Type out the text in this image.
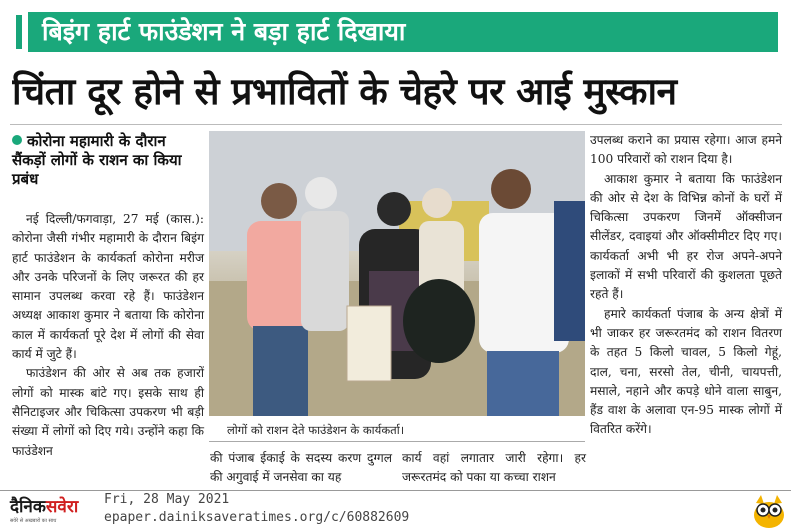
बिइंग हार्ट फाउंडेशन ने बड़ा हार्ट दिखाया
चिंता दूर होने से प्रभावितों के चेहरे पर आई मुस्कान
कोरोना महामारी के दौरान सैंकड़ों लोगों के राशन का किया प्रबंध

नई दिल्ली/फगवाड़ा, 27 मई (कास.): कोरोना जैसी गंभीर महामारी के दौरान बिइंग हार्ट फाउंडेशन के कार्यकर्ता कोरोना मरीज और उनके परिजनों के लिए जरूरत की हर सामान उपलब्ध करवा रहे हैं। फाउंडेशन अध्यक्ष आकाश कुमार ने बताया कि कोरोना काल में कार्यकर्ता पूरे देश में लोगों की सेवा कार्य में जुटे हैं।

फाउंडेशन की ओर से अब तक हजारों लोगों को मास्क बांटे गए। इसके साथ ही सैनिटाइजर और चिकित्सा उपकरण भी बड़ी संख्या में लोगों को दिए गये। उन्होंने कहा कि फाउंडेशन

लोगों को राशन देते फाउंडेशन के कार्यकर्ता।

की पंजाब ईकाई के सदस्य करण दुग्गल की अगुवाई में जनसेवा का यह

कार्य वहां लगातार जारी रहेगा। हर जरूरतमंद को पका या कच्चा राशन

उपलब्ध कराने का प्रयास रहेगा। आज हमने 100 परिवारों को राशन दिया है।

आकाश कुमार ने बताया कि फाउंडेशन की ओर से देश के विभिन्न कोनों के घरों में चिकित्सा उपकरण जिनमें ऑक्सीजन सीलेंडर, दवाइयां और ऑक्सीमीटर दिए गए। कार्यकर्ता अभी भी हर रोज अपने-अपने इलाकों में सभी परिवारों की कुशलता पूछते रहते हैं।

हमारे कार्यकर्ता पंजाब के अन्य क्षेत्रों में भी जाकर हर जरूरतमंद को राशन वितरण के तहत 5 किलो चावल, 5 किलो गेहूं, दाल, चना, सरसो तेल, चीनी, चायपत्ती, मसाले, नहाने और कपड़े धोने वाला साबुन, हैंड वाश के अलावा एन-95 मास्क लोगों में वितरित करेंगे।

दैनिकसवेरा
सवेरे से अखबारों का साथ
Fri, 28 May 2021
epaper.dainiksaveratimes.org/c/60882609
